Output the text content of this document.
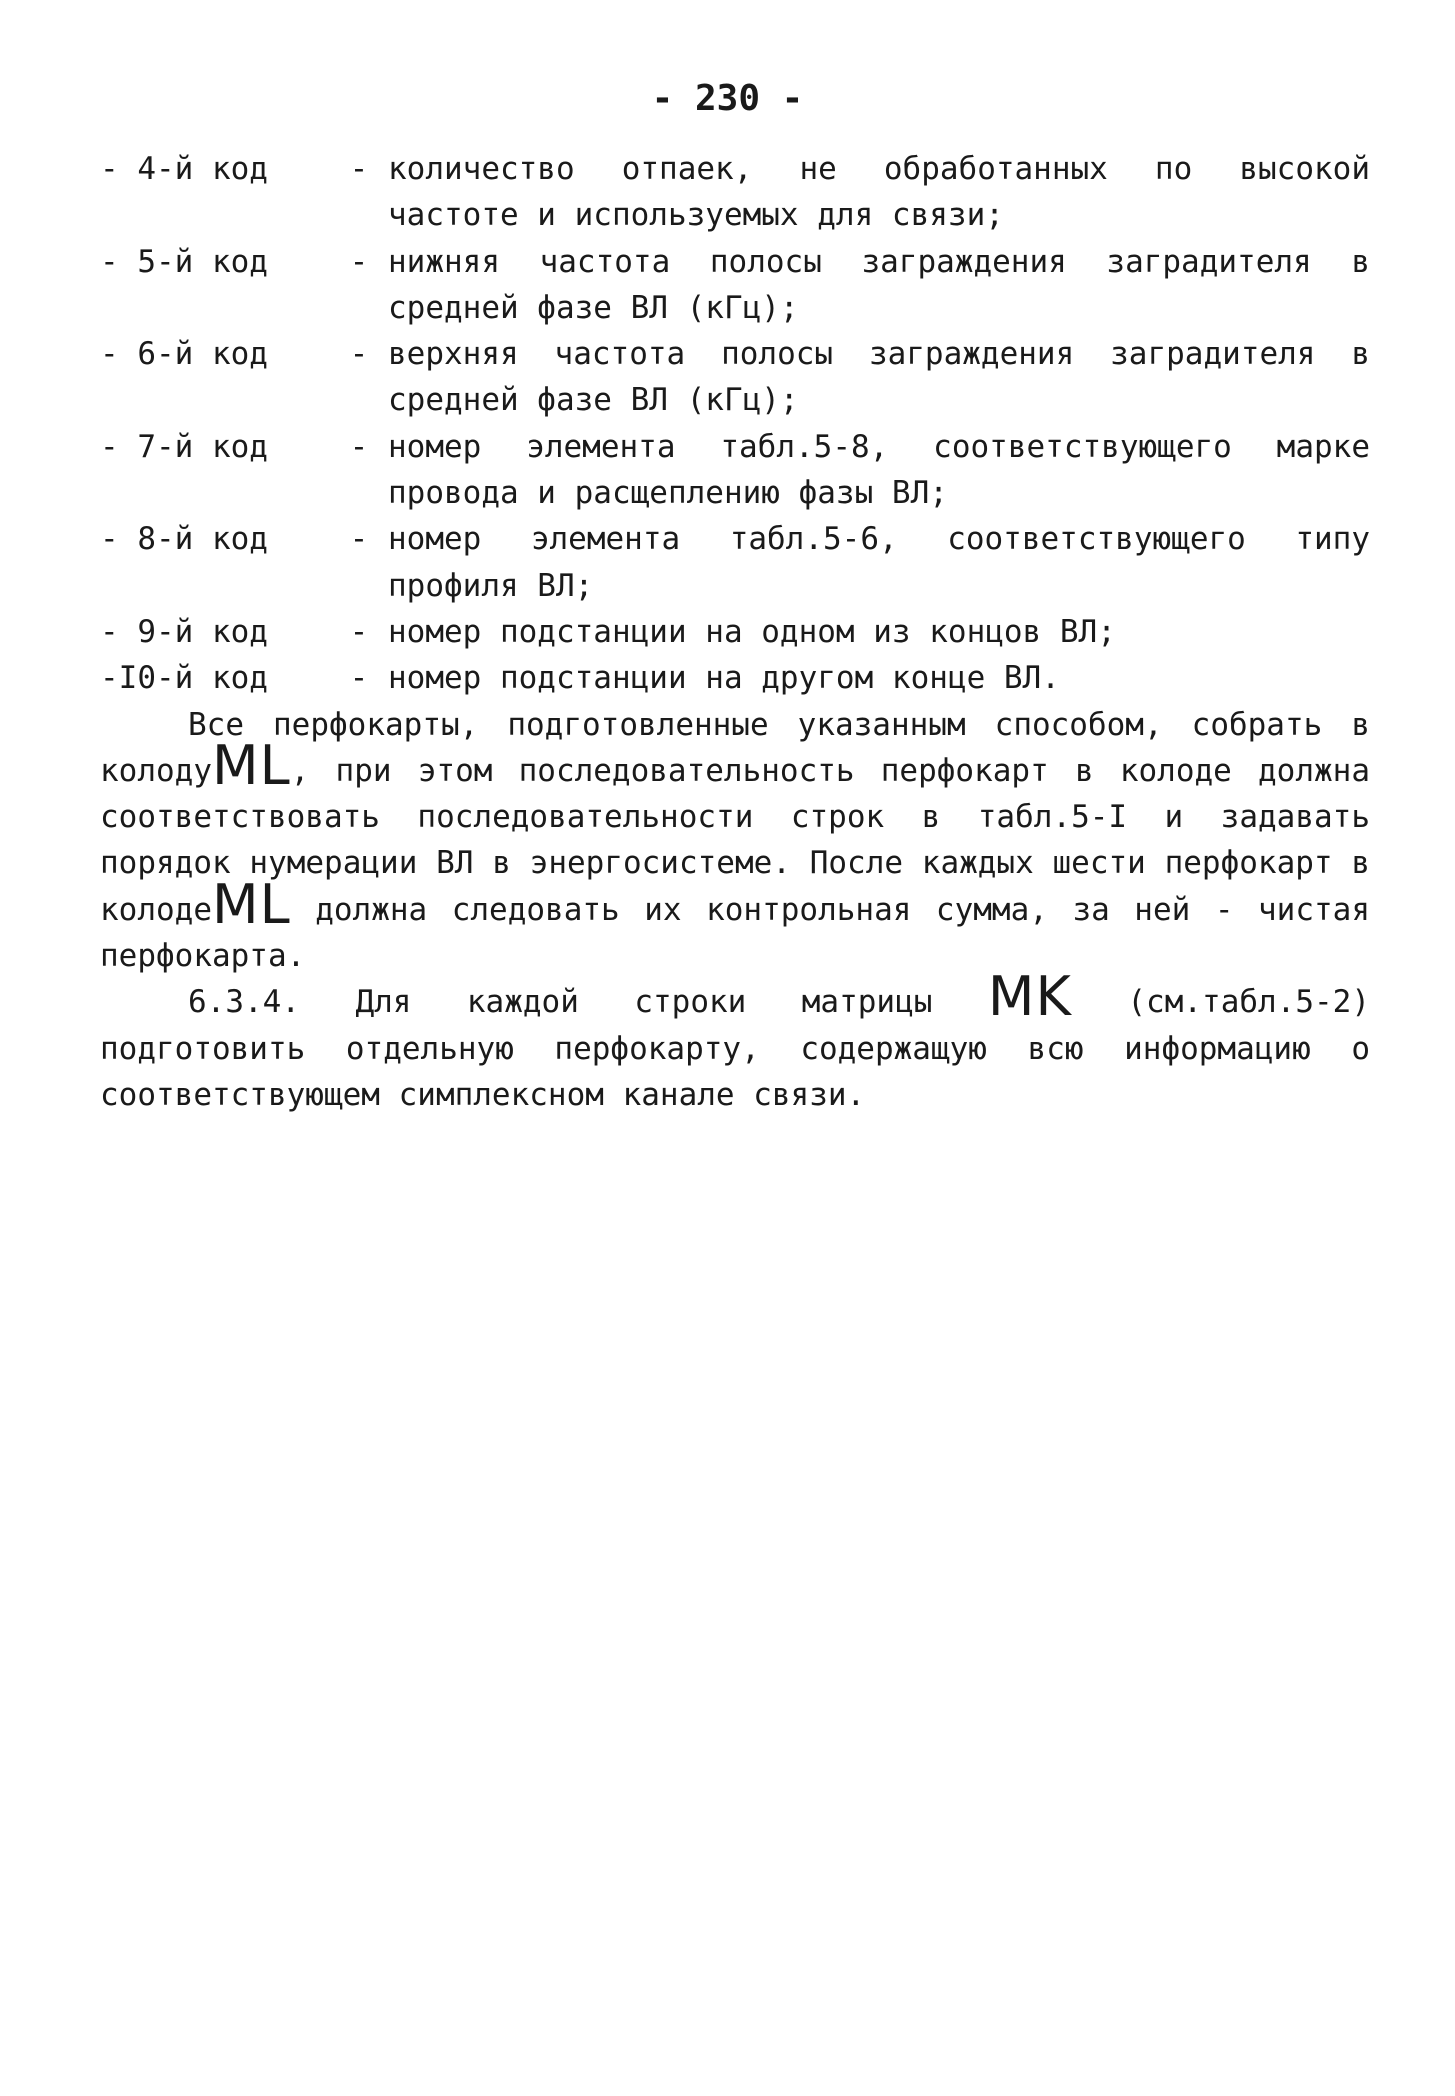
- 230 -
- 4-й код	- количество отпаек, не обработанных по высокой частоте и используемых для связи;
- 5-й код	- нижняя частота полосы заграждения заградителя в средней фазе ВЛ (кГц);
- 6-й код	- верхняя частота полосы заграждения заградителя в средней фазе ВЛ (кГц);
- 7-й код	- номер элемента табл.5-8, соответствующего марке провода и расщеплению фазы ВЛ;
- 8-й код	- номер элемента табл.5-6, соответствующего типу профиля ВЛ;
- 9-й код	- номер подстанции на одном из концов ВЛ;
-I0-й код	- номер подстанции на другом конце ВЛ.

Все перфокарты, подготовленные указанным способом, собрать в колодуML, при этом последовательность перфокарт в колоде должна соответствовать последовательности строк в табл.5-I и задавать порядок нумерации ВЛ в энергосистеме. После каждых шести перфокарт в колодеML должна следовать их контрольная сумма, за ней - чистая перфокарта.

6.3.4. Для каждой строки матрицы MK (см.табл.5-2) подготовить отдельную перфокарту, содержащую всю информацию о соответствующем симплексном канале связи.
